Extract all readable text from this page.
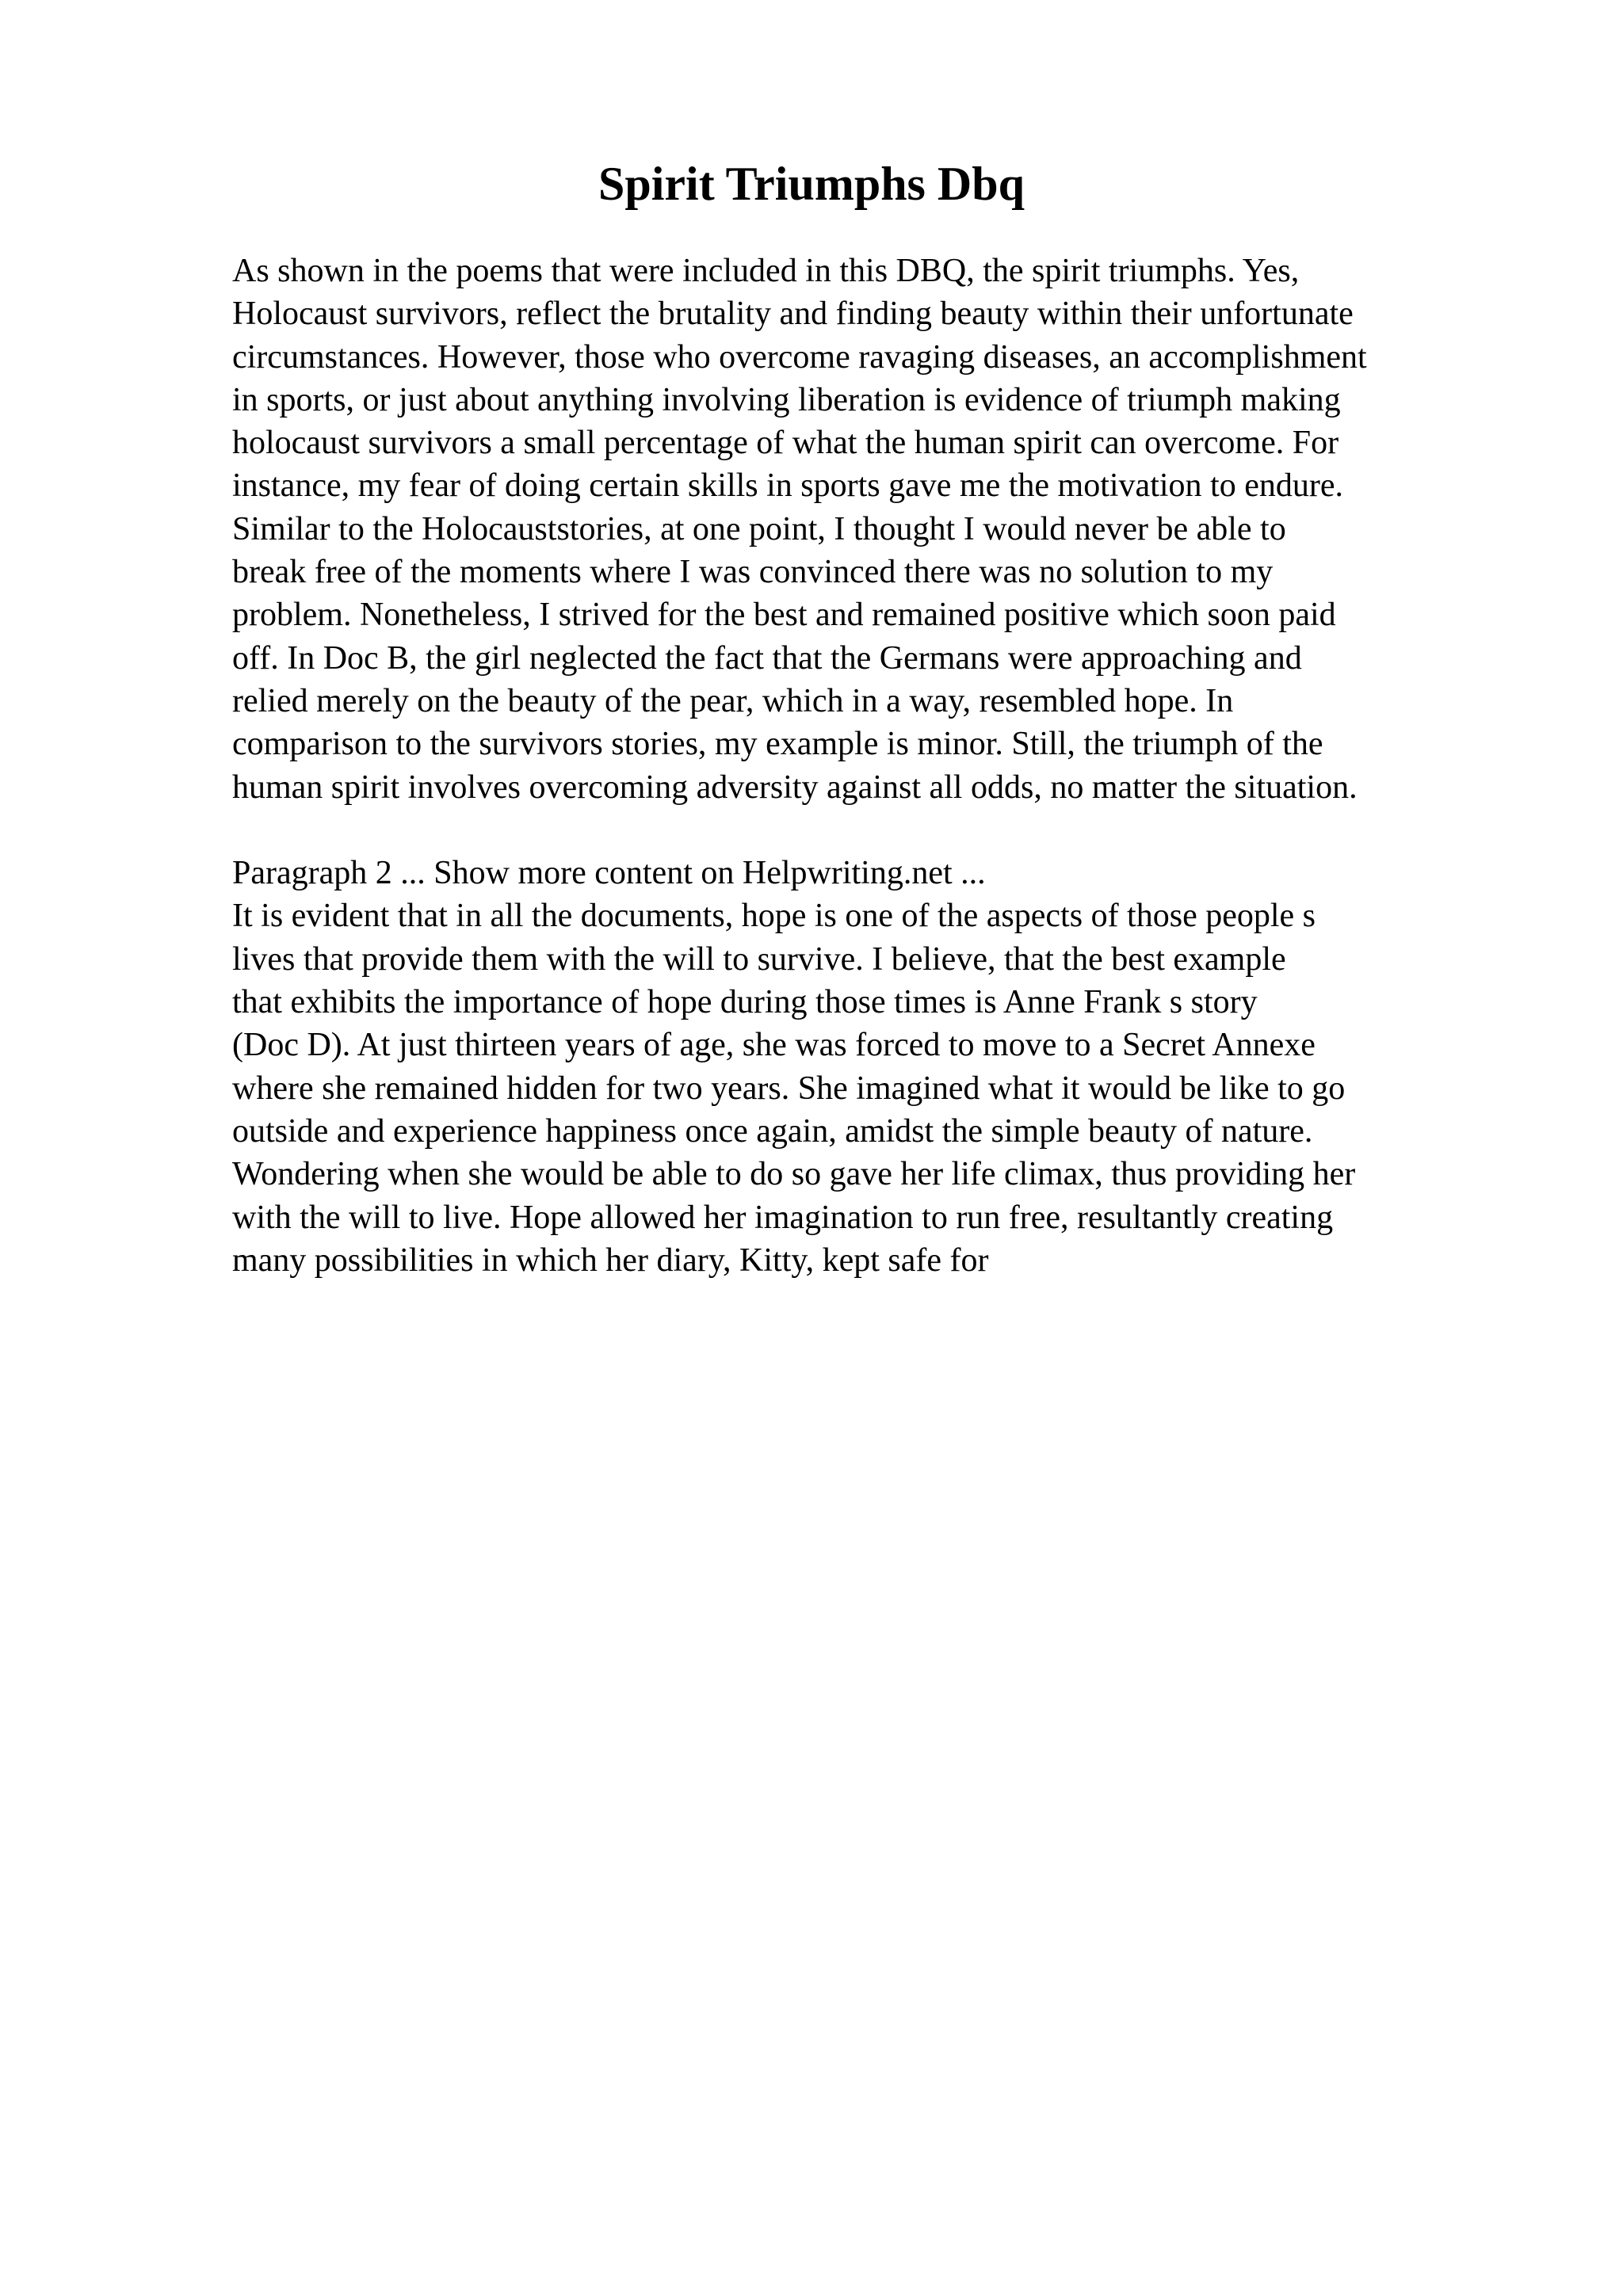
Spirit Triumphs Dbq
As shown in the poems that were included in this DBQ, the spirit triumphs. Yes,
Holocaust survivors, reflect the brutality and finding beauty within their unfortunate
circumstances. However, those who overcome ravaging diseases, an accomplishment
in sports, or just about anything involving liberation is evidence of triumph making
holocaust survivors a small percentage of what the human spirit can overcome. For
instance, my fear of doing certain skills in sports gave me the motivation to endure.
Similar to the Holocauststories, at one point, I thought I would never be able to
break free of the moments where I was convinced there was no solution to my
problem. Nonetheless, I strived for the best and remained positive which soon paid
off. In Doc B, the girl neglected the fact that the Germans were approaching and
relied merely on the beauty of the pear, which in a way, resembled hope. In
comparison to the survivors stories, my example is minor. Still, the triumph of the
human spirit involves overcoming adversity against all odds, no matter the situation.
Paragraph 2 ... Show more content on Helpwriting.net ...
It is evident that in all the documents, hope is one of the aspects of those people s
lives that provide them with the will to survive. I believe, that the best example
that exhibits the importance of hope during those times is Anne Frank s story
(Doc D). At just thirteen years of age, she was forced to move to a Secret Annexe
where she remained hidden for two years. She imagined what it would be like to go
outside and experience happiness once again, amidst the simple beauty of nature.
Wondering when she would be able to do so gave her life climax, thus providing her
with the will to live. Hope allowed her imagination to run free, resultantly creating
many possibilities in which her diary, Kitty, kept safe for
